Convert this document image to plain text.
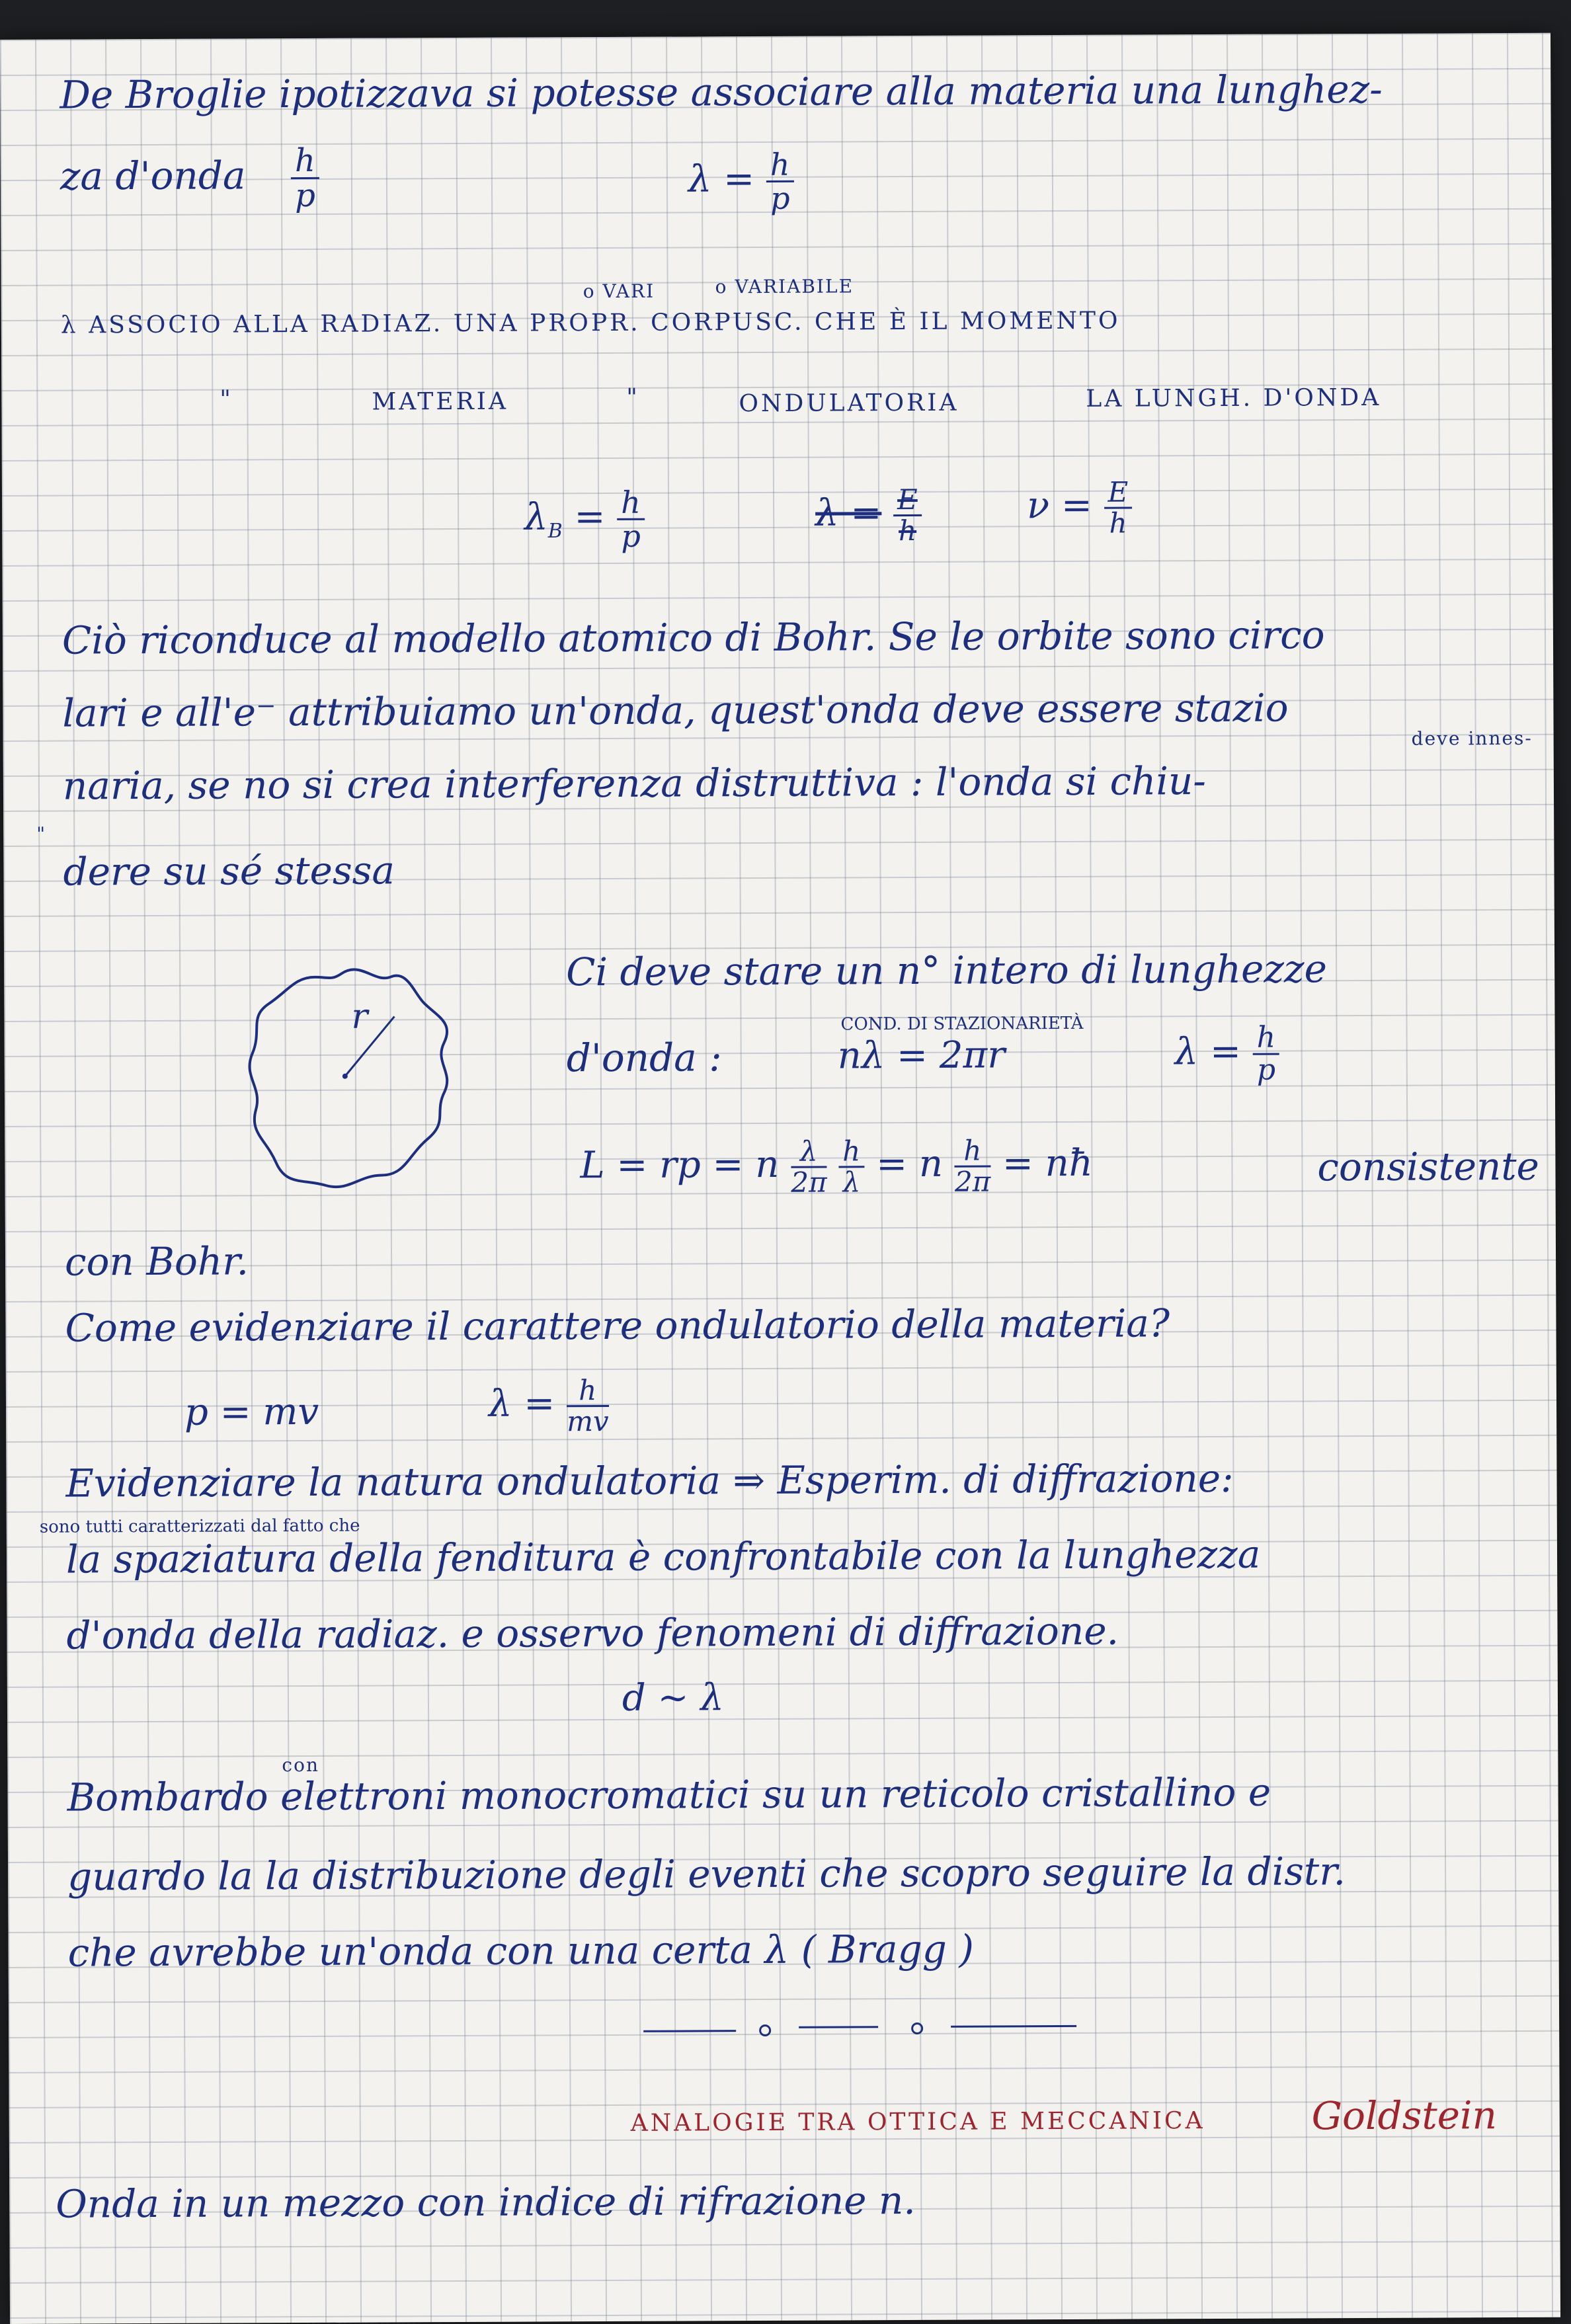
De Broglie ipotizzava si potesse associare alla materia una lunghez-
za d'onda $\frac{h}{p}$	$\lambda = \frac{h}{p}$
o VARI	o VARIABILE
λ ASSOCIO ALLA RADIAZ. UNA PROPR. CORPUSC. CHE È IL MOMENTO
"	MATERIA	"	ONDULATORIA	LA LUNGH. D'ONDA
$\lambda_B = \frac{h}{p}$	$\lambda = \frac{E}{h}$	$\nu = \frac{E}{h}$
Ciò riconduce al modello atomico di Bohr. Se le orbite sono circo
lari e all'e⁻ attribuiamo un'onda, quest'onda deve essere stazio
deve innes-
naria, se no si crea interferenza distruttiva : l'onda si chiu-
"
dere su sé stessa
r
Ci deve stare un n° intero di lunghezze
COND. DI STAZIONARIETÀ
d'onda :	nλ = 2πr	$\lambda = \frac{h}{p}$
L = rp = n $\frac{\lambda}{2\pi}$
$\frac{h}{\lambda} = n \frac{h}{2\pi}$ = nħ	consistente
con Bohr.
Come evidenziare il carattere ondulatorio della materia?
p = mv	$\lambda = \frac{h}{mv}$
Evidenziare la natura ondulatoria ⇒ Esperim. di diffrazione:
sono tutti caratterizzati dal fatto che
la spaziatura della fenditura è confrontabile con la lunghezza
d'onda della radiaz. e osservo fenomeni di diffrazione.
d ~ λ
con
Bombardo elettroni monocromatici su un reticolo cristallino e
guardo la la distribuzione degli eventi che scopro seguire la distr.
che avrebbe un'onda con una certa λ ( Bragg )
ANALOGIE TRA OTTICA E MECCANICA	Goldstein
Onda in un mezzo con indice di rifrazione n.
